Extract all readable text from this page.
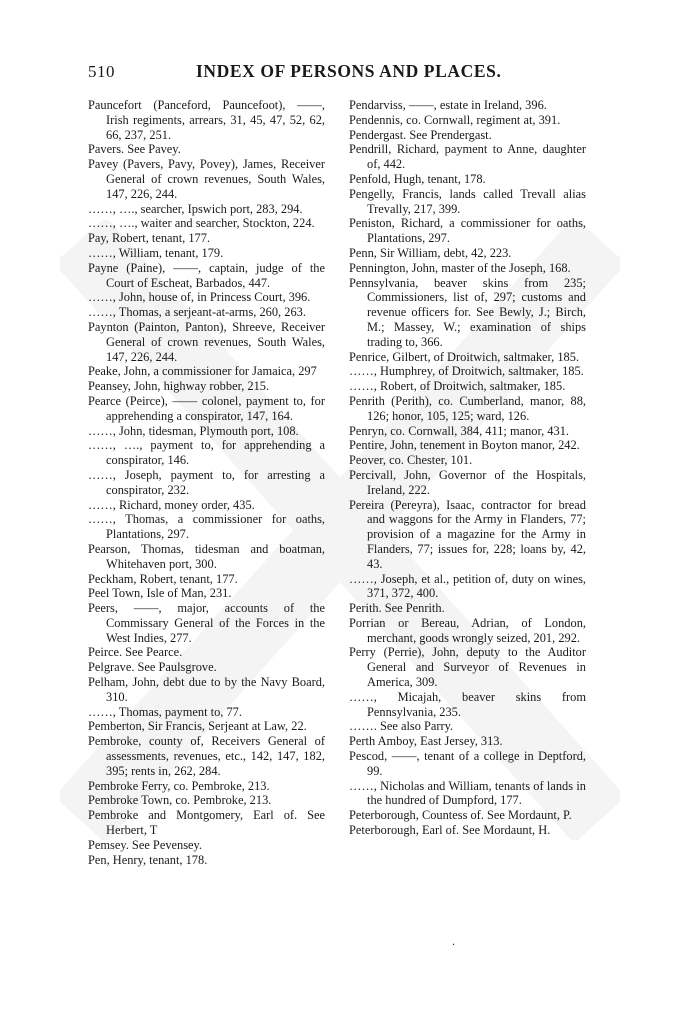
510	INDEX OF PERSONS AND PLACES.

Pauncefort (Panceford, Pauncefoot), ——, Irish regiments, arrears, 31, 45, 47, 52, 62, 66, 237, 251.

Pavers. See Pavey.

Pavey (Pavers, Pavy, Povey), James, Receiver General of crown revenues, South Wales, 147, 226, 244.

……, …., searcher, Ipswich port, 283, 294.

……, …., waiter and searcher, Stockton, 224.

Pay, Robert, tenant, 177.

……, William, tenant, 179.

Payne (Paine), ——, captain, judge of the Court of Escheat, Barbados, 447.

……, John, house of, in Princess Court, 396.

……, Thomas, a serjeant-at-arms, 260, 263.

Paynton (Painton, Panton), Shreeve, Receiver General of crown revenues, South Wales, 147, 226, 244.

Peake, John, a commissioner for Jamaica, 297

Peansey, John, highway robber, 215.

Pearce (Peirce), —— colonel, payment to, for apprehending a conspirator, 147, 164.

……, John, tidesman, Plymouth port, 108.

……, …., payment to, for apprehending a conspirator, 146.

……, Joseph, payment to, for arresting a conspirator, 232.

……, Richard, money order, 435.

……, Thomas, a commissioner for oaths, Plantations, 297.

Pearson, Thomas, tidesman and boatman, Whitehaven port, 300.

Peckham, Robert, tenant, 177.

Peel Town, Isle of Man, 231.

Peers, ——, major, accounts of the Commissary General of the Forces in the West Indies, 277.

Peirce. See Pearce.

Pelgrave. See Paulsgrove.

Pelham, John, debt due to by the Navy Board, 310.

……, Thomas, payment to, 77.

Pemberton, Sir Francis, Serjeant at Law, 22.

Pembroke, county of, Receivers General of assessments, revenues, etc., 142, 147, 182, 395; rents in, 262, 284.

Pembroke Ferry, co. Pembroke, 213.

Pembroke Town, co. Pembroke, 213.

Pembroke and Montgomery, Earl of. See Herbert, T

Pemsey. See Pevensey.

Pen, Henry, tenant, 178.

Pendarviss, ——, estate in Ireland, 396.

Pendennis, co. Cornwall, regiment at, 391.

Pendergast. See Prendergast.

Pendrill, Richard, payment to Anne, daughter of, 442.

Penfold, Hugh, tenant, 178.

Pengelly, Francis, lands called Trevall alias Trevally, 217, 399.

Peniston, Richard, a commissioner for oaths, Plantations, 297.

Penn, Sir William, debt, 42, 223.

Pennington, John, master of the Joseph, 168.

Pennsylvania, beaver skins from 235; Commissioners, list of, 297; customs and revenue officers for. See Bewly, J.; Birch, M.; Massey, W.; examination of ships trading to, 366.

Penrice, Gilbert, of Droitwich, saltmaker, 185.

……, Humphrey, of Droitwich, saltmaker, 185.

……, Robert, of Droitwich, saltmaker, 185.

Penrith (Perith), co. Cumberland, manor, 88, 126; honor, 105, 125; ward, 126.

Penryn, co. Cornwall, 384, 411; manor, 431.

Pentire, John, tenement in Boyton manor, 242.

Peover, co. Chester, 101.

Percivall, John, Governor of the Hospitals, Ireland, 222.

Pereira (Pereyra), Isaac, contractor for bread and waggons for the Army in Flanders, 77; provision of a magazine for the Army in Flanders, 77; issues for, 228; loans by, 42, 43.

……, Joseph, et al., petition of, duty on wines, 371, 372, 400.

Perith. See Penrith.

Porrian or Bereau, Adrian, of London, merchant, goods wrongly seized, 201, 292.

Perry (Perrie), John, deputy to the Auditor General and Surveyor of Revenues in America, 309.

……, Micajah, beaver skins from Pennsylvania, 235.

……. See also Parry.

Perth Amboy, East Jersey, 313.

Pescod, ——, tenant of a college in Deptford, 99.

……, Nicholas and William, tenants of lands in the hundred of Dumpford, 177.

Peterborough, Countess of. See Mordaunt, P.

Peterborough, Earl of. See Mordaunt, H.

.
